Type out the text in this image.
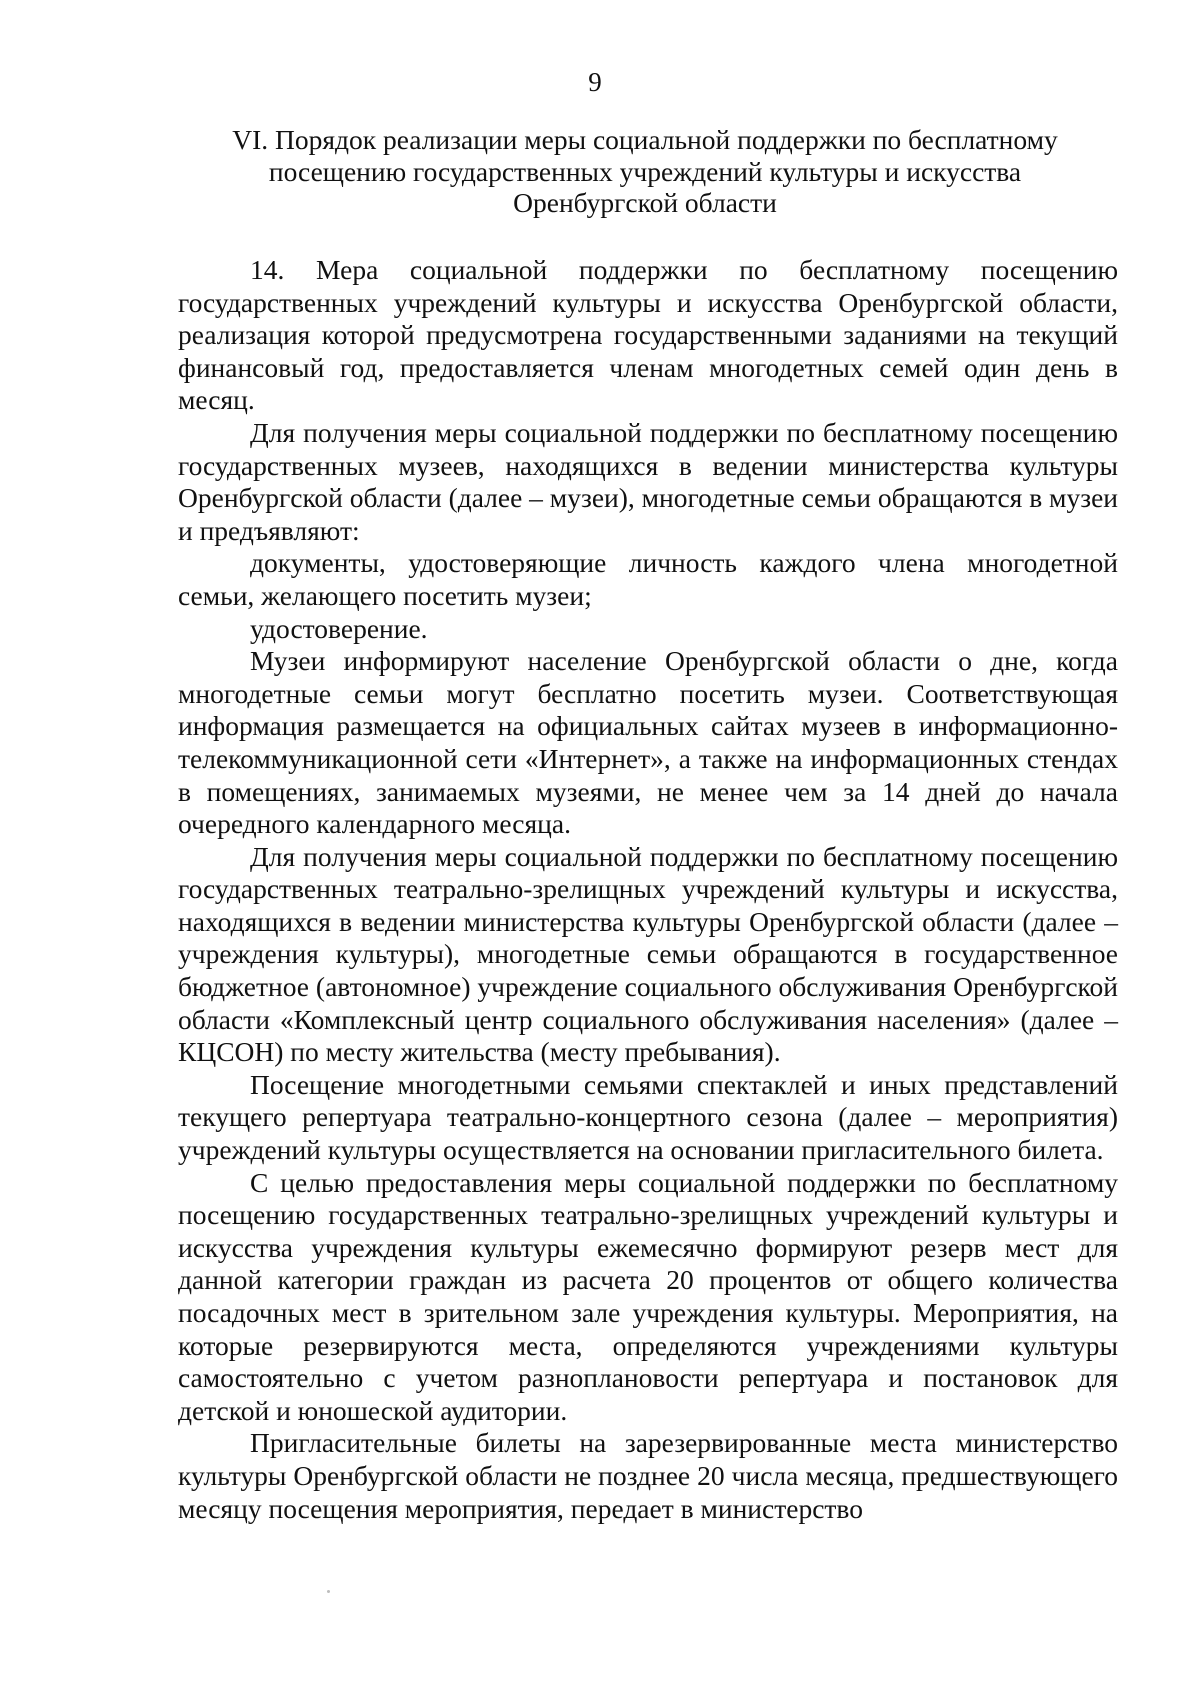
9
VI. Порядок реализации меры социальной поддержки по бесплатному
посещению государственных учреждений культуры и искусства
Оренбургской области

14. Мера социальной поддержки по бесплатному посещению государственных учреждений культуры и искусства Оренбургской области, реализация которой предусмотрена государственными заданиями на текущий финансовый год, предоставляется членам многодетных семей один день в месяц.

Для получения меры социальной поддержки по бесплатному посещению государственных музеев, находящихся в ведении министерства культуры Оренбургской области (далее – музеи), многодетные семьи обращаются в музеи и предъявляют:

документы, удостоверяющие личность каждого члена многодетной семьи, желающего посетить музеи;

удостоверение.

Музеи информируют население Оренбургской области о дне, когда многодетные семьи могут бесплатно посетить музеи. Соответствующая информация размещается на официальных сайтах музеев в информационно-телекоммуникационной сети «Интернет», а также на информационных стендах в помещениях, занимаемых музеями, не менее чем за 14 дней до начала очередного календарного месяца.

Для получения меры социальной поддержки по бесплатному посещению государственных театрально-зрелищных учреждений культуры и искусства, находящихся в ведении министерства культуры Оренбургской области (далее – учреждения культуры), многодетные семьи обращаются в государственное бюджетное (автономное) учреждение социального обслуживания Оренбургской области «Комплексный центр социального обслуживания населения» (далее – КЦСОН) по месту жительства (месту пребывания).

Посещение многодетными семьями спектаклей и иных представлений текущего репертуара театрально-концертного сезона (далее – мероприятия) учреждений культуры осуществляется на основании пригласительного билета.

С целью предоставления меры социальной поддержки по бесплатному посещению государственных театрально-зрелищных учреждений культуры и искусства учреждения культуры ежемесячно формируют резерв мест для данной категории граждан из расчета 20 процентов от общего количества посадочных мест в зрительном зале учреждения культуры. Мероприятия, на которые резервируются места, определяются учреждениями культуры самостоятельно с учетом разноплановости репертуара и постановок для детской и юношеской аудитории.

Пригласительные билеты на зарезервированные места министерство культуры Оренбургской области не позднее 20 числа месяца, предшествующего месяцу посещения мероприятия, передает в министерство
